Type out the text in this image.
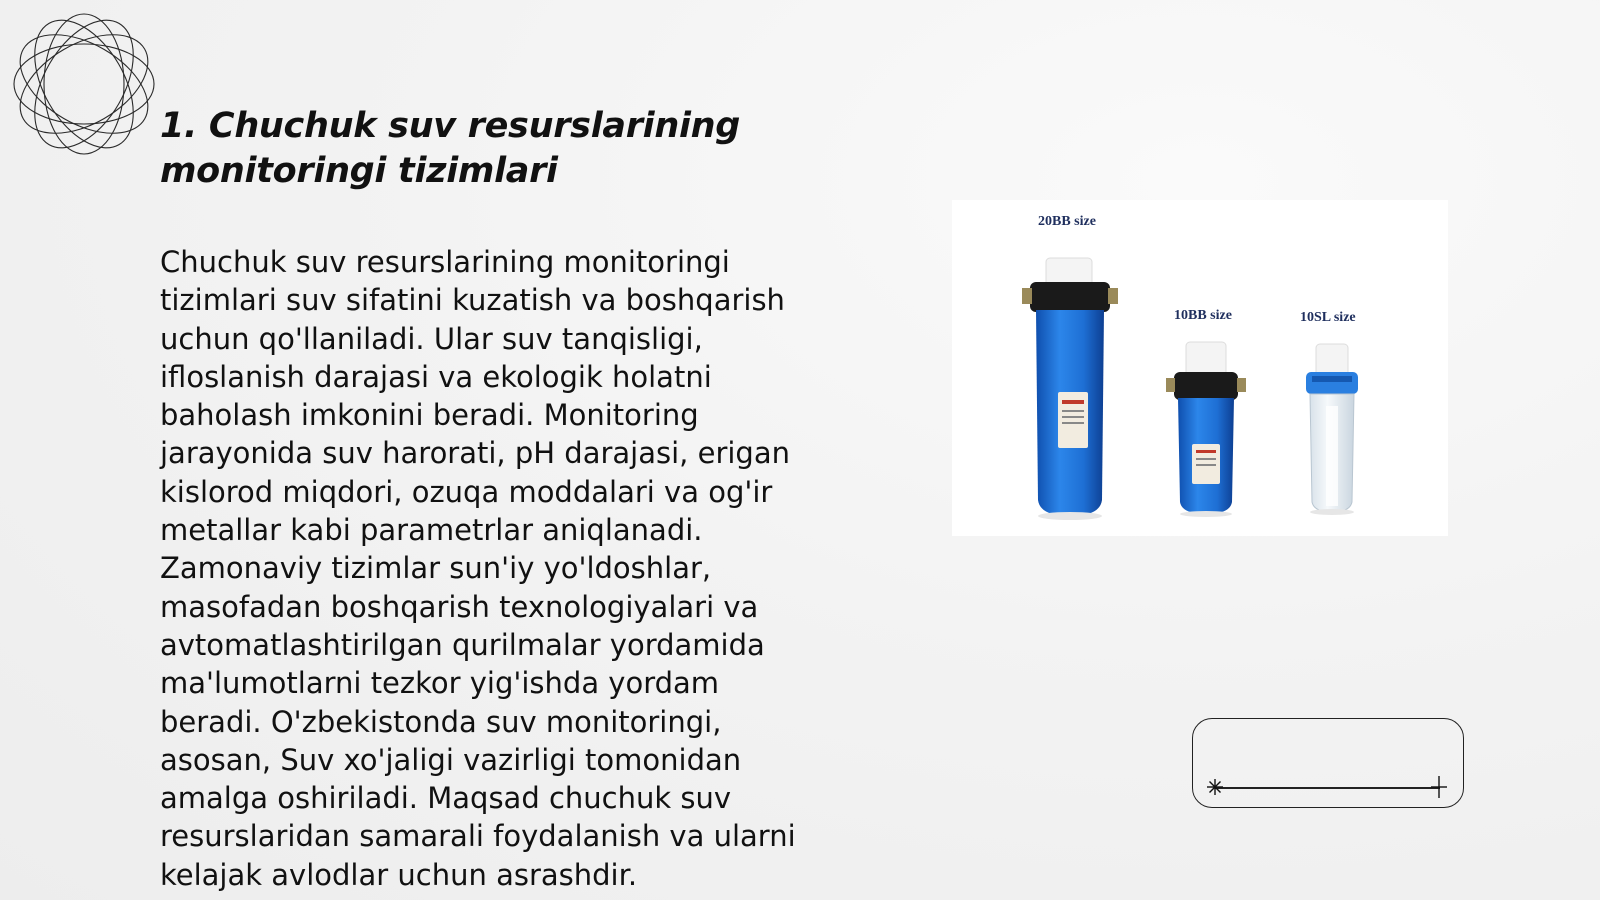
1. Chuchuk suv resurslarining monitoringi tizimlari

Chuchuk suv resurslarining monitoringi tizimlari suv sifatini kuzatish va boshqarish uchun qo'llaniladi. Ular suv tanqisligi, ifloslanish darajasi va ekologik holatni baholash imkonini beradi. Monitoring jarayonida suv harorati, pH darajasi, erigan kislorod miqdori, ozuqa moddalari va og'ir metallar kabi parametrlar aniqlanadi. Zamonaviy tizimlar sun'iy yo'ldoshlar, masofadan boshqarish texnologiyalari va avtomatlashtirilgan qurilmalar yordamida ma'lumotlarni tezkor yig'ishda yordam beradi. O'zbekistonda suv monitoringi, asosan, Suv xo'jaligi vazirligi tomonidan amalga oshiriladi. Maqsad chuchuk suv resurslaridan samarali foydalanish va ularni kelajak avlodlar uchun asrashdir.

20BB size
10BB size	10SL size
